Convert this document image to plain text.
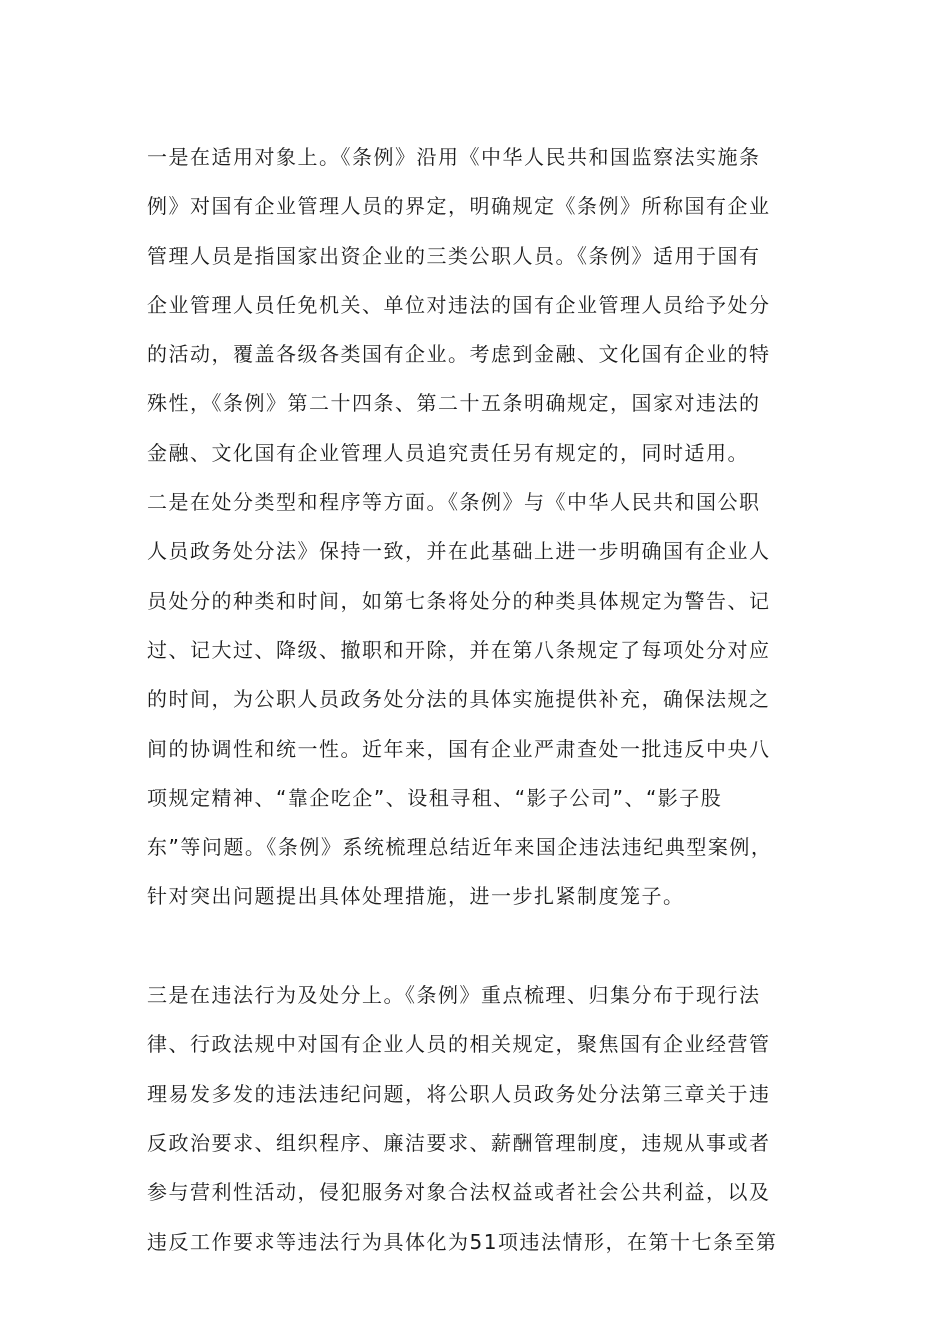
一是在适用对象上。《条例》沿用《中华人民共和国监察法实施条
例》对国有企业管理人员的界定，明确规定《条例》所称国有企业
管理人员是指国家出资企业的三类公职人员。《条例》适用于国有
企业管理人员任免机关、单位对违法的国有企业管理人员给予处分
的活动，覆盖各级各类国有企业。考虑到金融、文化国有企业的特
殊性，《条例》第二十四条、第二十五条明确规定，国家对违法的
金融、文化国有企业管理人员追究责任另有规定的，同时适用。

二是在处分类型和程序等方面。《条例》与《中华人民共和国公职
人员政务处分法》保持一致，并在此基础上进一步明确国有企业人
员处分的种类和时间，如第七条将处分的种类具体规定为警告、记
过、记大过、降级、撤职和开除，并在第八条规定了每项处分对应
的时间，为公职人员政务处分法的具体实施提供补充，确保法规之
间的协调性和统一性。近年来，国有企业严肃查处一批违反中央八
项规定精神、“靠企吃企”、设租寻租、“影子公司”、“影子股
东”等问题。《条例》系统梳理总结近年来国企违法违纪典型案例，
针对突出问题提出具体处理措施，进一步扎紧制度笼子。

三是在违法行为及处分上。《条例》重点梳理、归集分布于现行法
律、行政法规中对国有企业人员的相关规定，聚焦国有企业经营管
理易发多发的违法违纪问题，将公职人员政务处分法第三章关于违
反政治要求、组织程序、廉洁要求、薪酬管理制度，违规从事或者
参与营利性活动，侵犯服务对象合法权益或者社会公共利益，以及
违反工作要求等违法行为具体化为51项违法情形，在第十七条至第
